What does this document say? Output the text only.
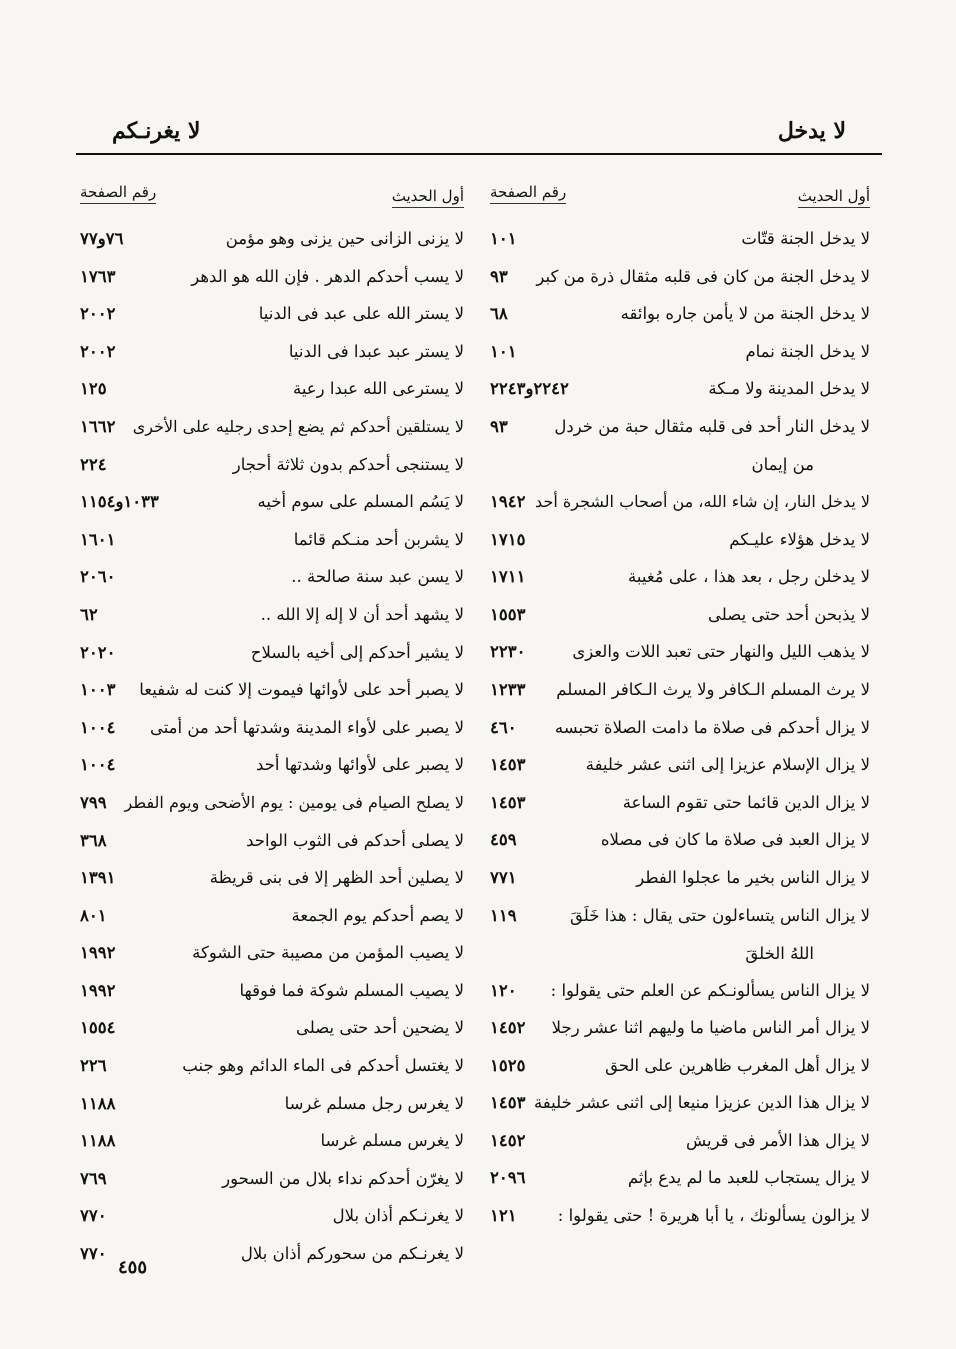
لا يدخل
لا يغرنـكم
أول الحديث
رقم الصفحة
لا يدخل الجنة قتّات
١٠١
لا يدخل الجنة من كان فى قلبه مثقال ذرة من كبر
٩٣
لا يدخل الجنة من لا يأمن جاره بوائقه
٦٨
لا يدخل الجنة نمام
١٠١
لا يدخل المدينة ولا مـكة
٢٢٤٢و٢٢٤٣
لا يدخل النار أحد فى قلبه مثقال حبة من خردل
من إيمان
٩٣
لا يدخل النار، إن شاء الله، من أصحاب الشجرة أحد
١٩٤٢
لا يدخل هؤلاء عليـكم
١٧١٥
لا يدخلن رجل ، بعد هذا ، على مُغيبة
١٧١١
لا يذبحن أحد حتى يصلى
١٥٥٣
لا يذهب الليل والنهار حتى تعبد اللات والعزى
٢٢٣٠
لا يرث المسلم الـكافر ولا يرث الـكافر المسلم
١٢٣٣
لا يزال أحدكم فى صلاة ما دامت الصلاة تحبسه
٤٦٠
لا يزال الإسلام عزيزا إلى اثنى عشر خليفة
١٤٥٣
لا يزال الدين قائما حتى تقوم الساعة
١٤٥٣
لا يزال العبد فى صلاة ما كان فى مصلاه
٤٥٩
لا يزال الناس بخير ما عجلوا الفطر
٧٧١
لا يزال الناس يتساءلون حتى يقال : هذا خَلَقَ
اللهُ الخلقَ
١١٩
لا يزال الناس يسألونـكم عن العلم حتى يقولوا :
١٢٠
لا يزال أمر الناس ماضيا ما وليهم اثنا عشر رجلا
١٤٥٢
لا يزال أهل المغرب ظاهرين على الحق
١٥٢٥
لا يزال هذا الدين عزيزا منيعا إلى اثنى عشر خليفة
١٤٥٣
لا يزال هذا الأمر فى قريش
١٤٥٢
لا يزال يستجاب للعبد ما لم يدع بإثم
٢٠٩٦
لا يزالون يسألونك ، يا أبا هريرة ! حتى يقولوا :
١٢١
أول الحديث
رقم الصفحة
لا يزنى الزانى حين يزنى وهو مؤمن
٧٦و٧٧
لا يسب أحدكم الدهر . فإن الله هو الدهر
١٧٦٣
لا يستر الله على عبد فى الدنيا
٢٠٠٢
لا يستر عبد عبدا فى الدنيا
٢٠٠٢
لا يسترعى الله عبدا رعية
١٢٥
لا يستلقين أحدكم ثم يضع إحدى رجليه على الأخرى
١٦٦٢
لا يستنجى أحدكم بدون ثلاثة أحجار
٢٢٤
لا يَسُم المسلم على سوم أخيه
١٠٣٣و١١٥٤
لا يشربن أحد منـكم قائما
١٦٠١
لا يسن عبد سنة صالحة ..
٢٠٦٠
لا يشهد أحد أن لا إله إلا الله ..
٦٢
لا يشير أحدكم إلى أخيه بالسلاح
٢٠٢٠
لا يصبر أحد على لأوائها فيموت إلا كنت له شفيعا
١٠٠٣
لا يصبر على لأواء المدينة وشدتها أحد من أمتى
١٠٠٤
لا يصبر على لأوائها وشدتها أحد
١٠٠٤
لا يصلح الصيام فى يومين : يوم الأضحى ويوم الفطر
٧٩٩
لا يصلى أحدكم فى الثوب الواحد
٣٦٨
لا يصلين أحد الظهر إلا فى بنى قريظة
١٣٩١
لا يصم أحدكم يوم الجمعة
٨٠١
لا يصيب المؤمن من مصيبة حتى الشوكة
١٩٩٢
لا يصيب المسلم شوكة فما فوقها
١٩٩٢
لا يضحين أحد حتى يصلى
١٥٥٤
لا يغتسل أحدكم فى الماء الدائم وهو جنب
٢٢٦
لا يغرس رجل مسلم غرسا
١١٨٨
لا يغرس مسلم غرسا
١١٨٨
لا يغرّن أحدكم نداء بلال من السحور
٧٦٩
لا يغرنـكم أذان بلال
٧٧٠
لا يغرنـكم من سحوركم أذان بلال
٧٧٠
٤٥٥
